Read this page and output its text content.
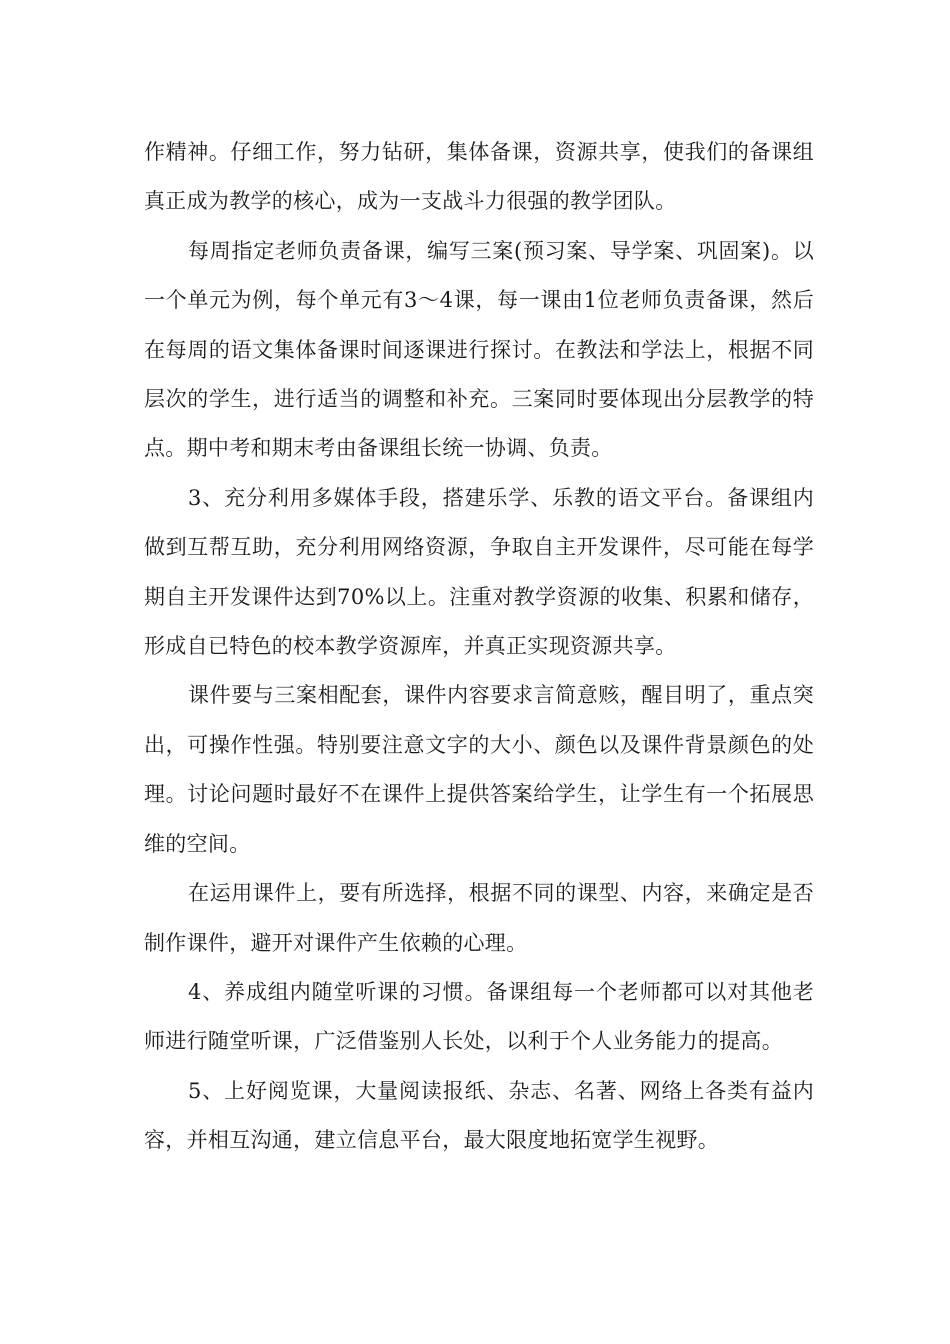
作精神。仔细工作，努力钻研，集体备课，资源共享，使我们的备课组真正成为教学的核心，成为一支战斗力很强的教学团队。

每周指定老师负责备课，编写三案(预习案、导学案、巩固案)。以一个单元为例，每个单元有3～4课，每一课由1位老师负责备课，然后在每周的语文集体备课时间逐课进行探讨。在教法和学法上，根据不同层次的学生，进行适当的调整和补充。三案同时要体现出分层教学的特点。期中考和期末考由备课组长统一协调、负责。

3、充分利用多媒体手段，搭建乐学、乐教的语文平台。备课组内做到互帮互助，充分利用网络资源，争取自主开发课件，尽可能在每学期自主开发课件达到70%以上。注重对教学资源的收集、积累和储存，形成自已特色的校本教学资源库，并真正实现资源共享。

课件要与三案相配套，课件内容要求言简意赅，醒目明了，重点突出，可操作性强。特别要注意文字的大小、颜色以及课件背景颜色的处理。讨论问题时最好不在课件上提供答案给学生，让学生有一个拓展思维的空间。

在运用课件上，要有所选择，根据不同的课型、内容，来确定是否制作课件，避开对课件产生依赖的心理。

4、养成组内随堂听课的习惯。备课组每一个老师都可以对其他老师进行随堂听课，广泛借鉴别人长处，以利于个人业务能力的提高。

5、上好阅览课，大量阅读报纸、杂志、名著、网络上各类有益内容，并相互沟通，建立信息平台，最大限度地拓宽学生视野。
